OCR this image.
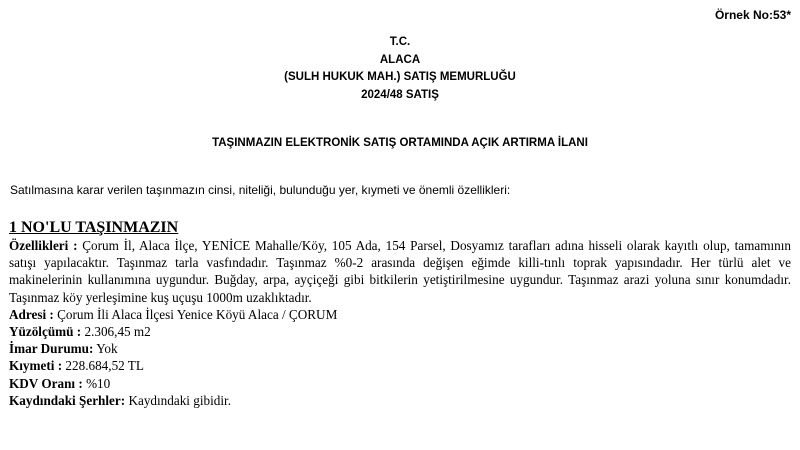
Örnek No:53*
T.C.
ALACA
(SULH HUKUK MAH.) SATIŞ MEMURLUĞU
2024/48 SATIŞ
TAŞINMAZIN ELEKTRONİK SATIŞ ORTAMINDA AÇIK ARTIRMA İLANI
Satılmasına karar verilen taşınmazın cinsi, niteliği, bulunduğu yer, kıymeti ve önemli özellikleri:
1 NO'LU TAŞINMAZIN

Özellikleri : Çorum İl, Alaca İlçe, YENİCE Mahalle/Köy, 105 Ada, 154 Parsel, Dosyamız tarafları adına hisseli olarak kayıtlı olup, tamamının satışı yapılacaktır. Taşınmaz tarla vasfındadır. Taşınmaz %0-2 arasında değişen eğimde killi-tınlı toprak yapısındadır. Her türlü alet ve makinelerinin kullanımına uygundur. Buğday, arpa, ayçiçeği gibi bitkilerin yetiştirilmesine uygundur. Taşınmaz arazi yoluna sınır konumdadır. Taşınmaz köy yerleşimine kuş uçuşu 1000m uzaklıktadır.

Adresi : Çorum İli Alaca İlçesi Yenice Köyü Alaca / ÇORUM

Yüzölçümü : 2.306,45 m2

İmar Durumu: Yok

Kıymeti : 228.684,52 TL

KDV Oranı : %10

Kaydındaki Şerhler: Kaydındaki gibidir.
